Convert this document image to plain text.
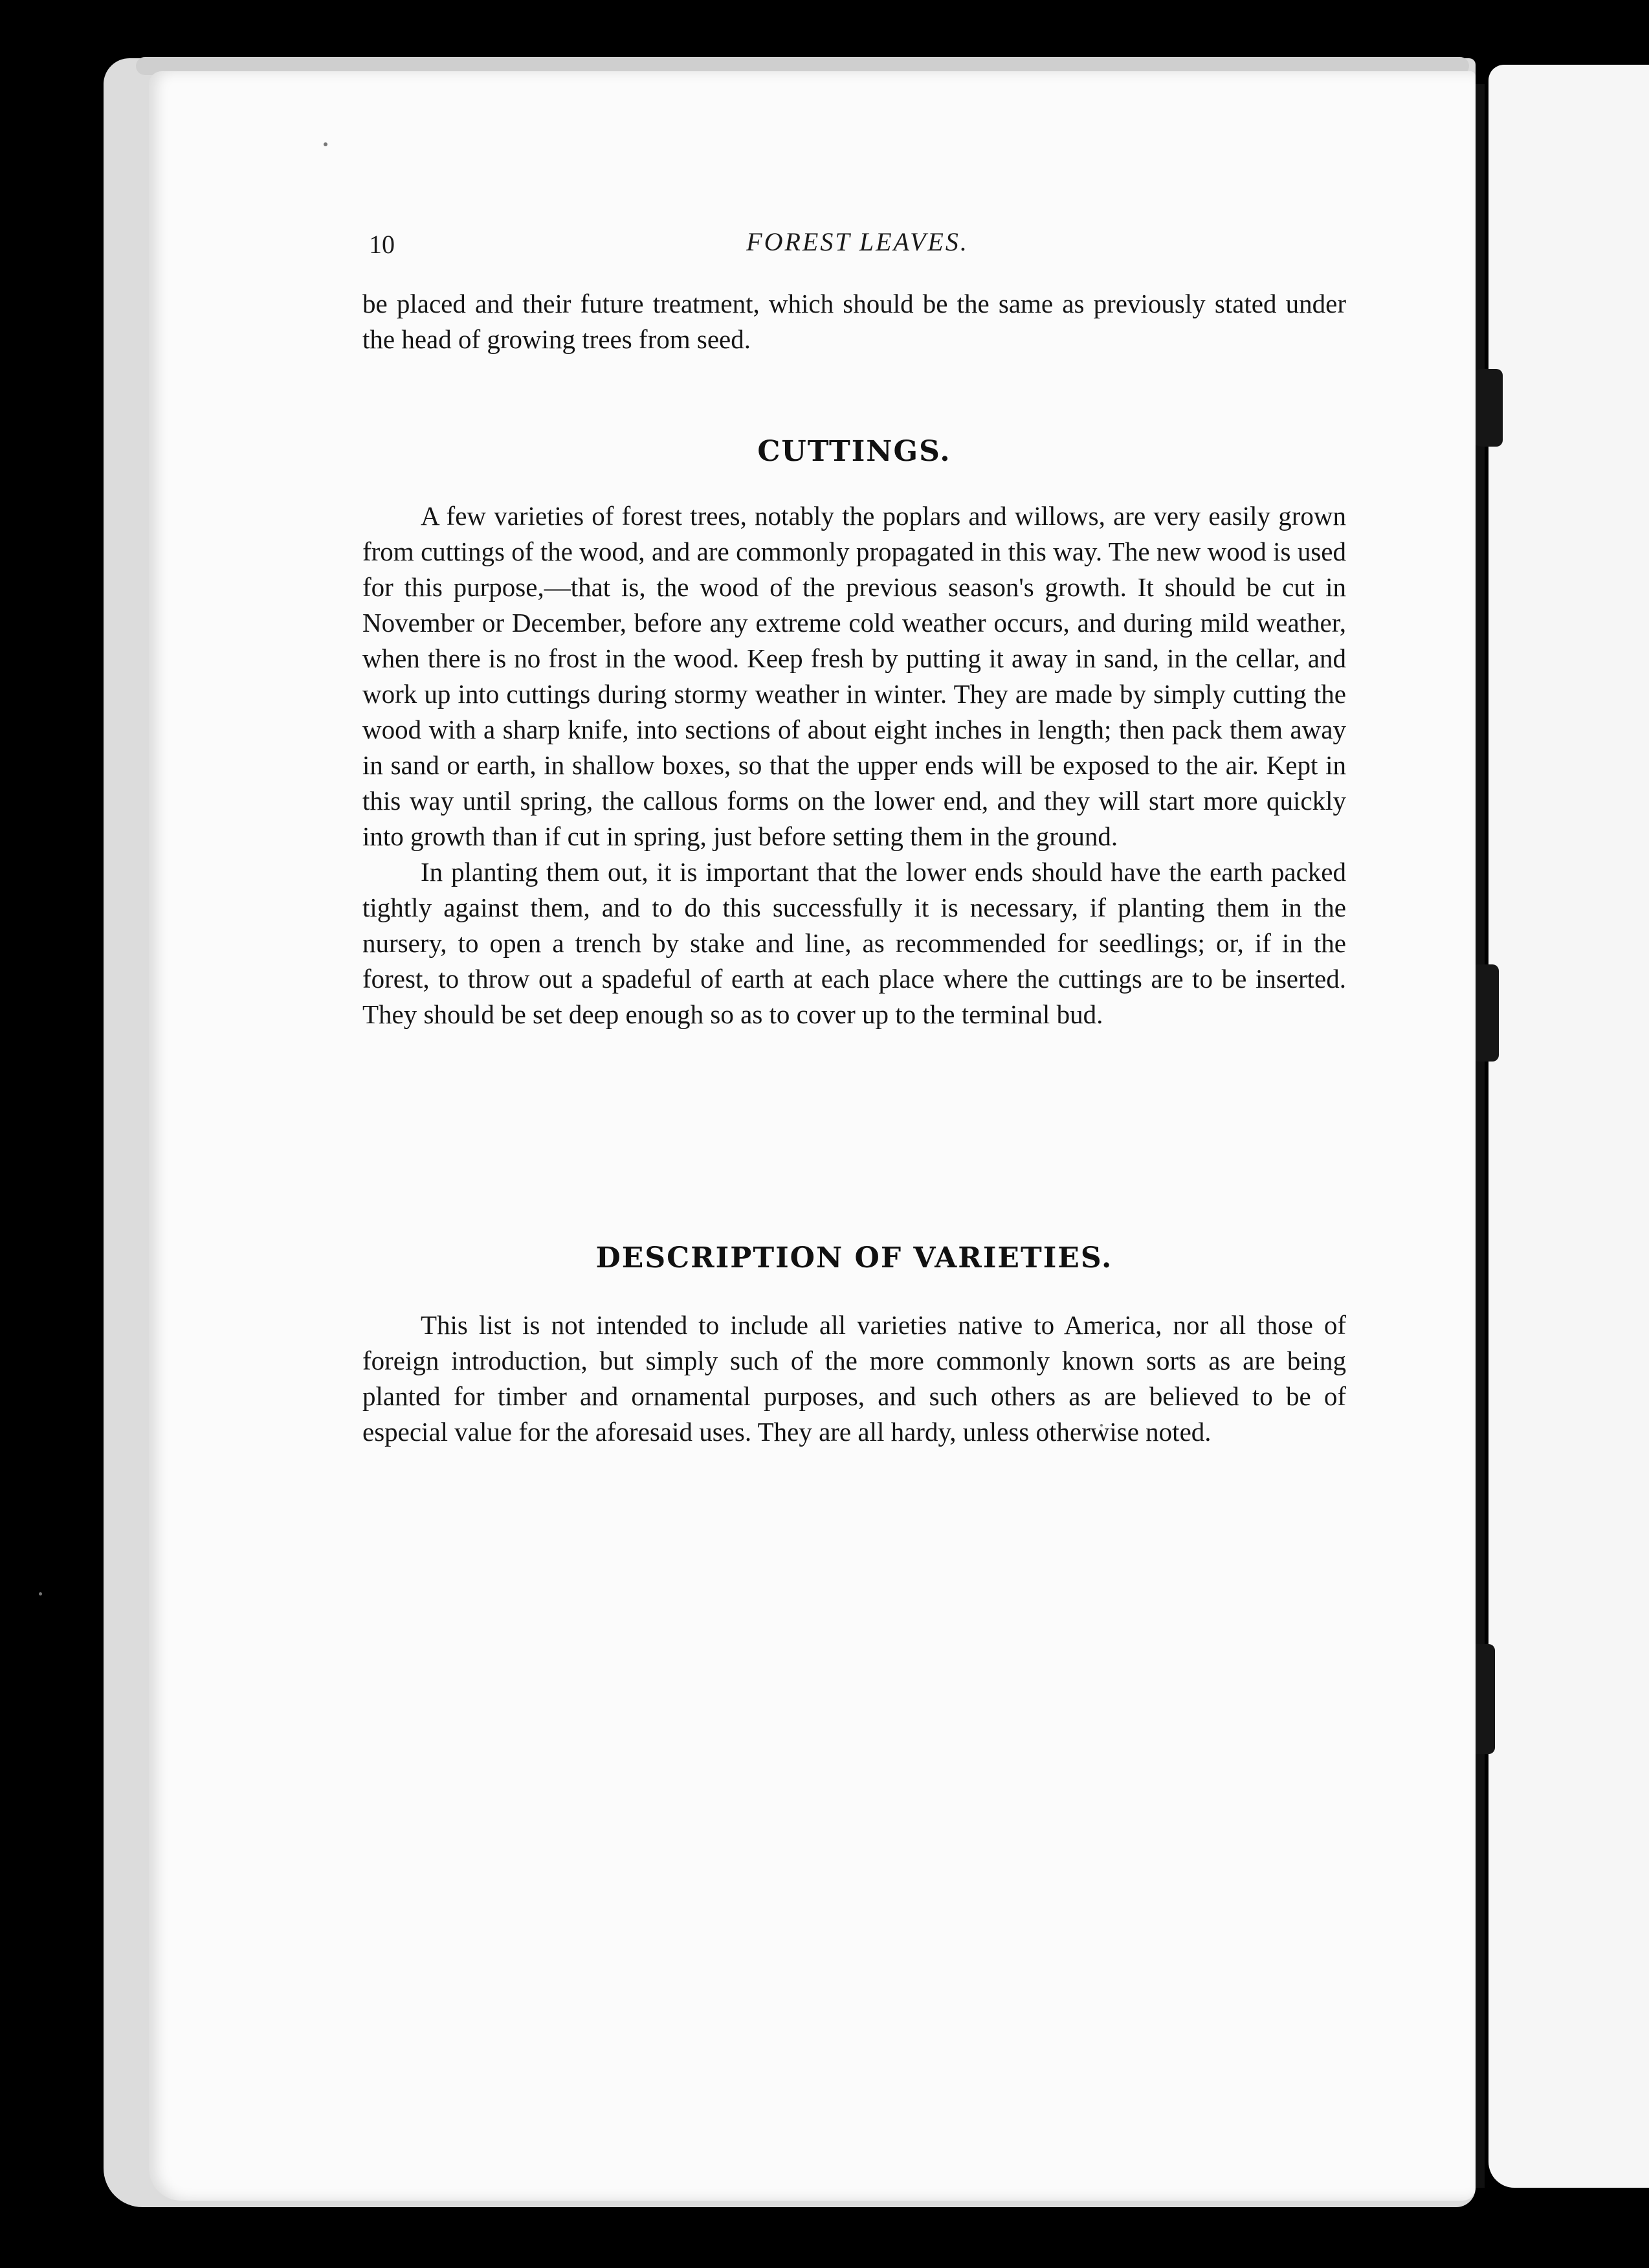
10	FOREST LEAVES.

be placed and their future treatment, which should be the same as previously stated under the head of growing trees from seed.

CUTTINGS.

A few varieties of forest trees, notably the poplars and willows, are very easily grown from cuttings of the wood, and are commonly propagated in this way. The new wood is used for this purpose,—that is, the wood of the previous season's growth. It should be cut in November or December, before any extreme cold weather occurs, and during mild weather, when there is no frost in the wood. Keep fresh by putting it away in sand, in the cellar, and work up into cuttings during stormy weather in winter. They are made by simply cutting the wood with a sharp knife, into sections of about eight inches in length; then pack them away in sand or earth, in shallow boxes, so that the upper ends will be exposed to the air. Kept in this way until spring, the callous forms on the lower end, and they will start more quickly into growth than if cut in spring, just before setting them in the ground.

In planting them out, it is important that the lower ends should have the earth packed tightly against them, and to do this successfully it is necessary, if planting them in the nursery, to open a trench by stake and line, as recommended for seedlings; or, if in the forest, to throw out a spadeful of earth at each place where the cuttings are to be inserted. They should be set deep enough so as to cover up to the terminal bud.

DESCRIPTION OF VARIETIES.

This list is not intended to include all varieties native to America, nor all those of foreign introduction, but simply such of the more commonly known sorts as are being planted for timber and ornamental purposes, and such others as are believed to be of especial value for the aforesaid uses. They are all hardy, unless otherwise noted.
